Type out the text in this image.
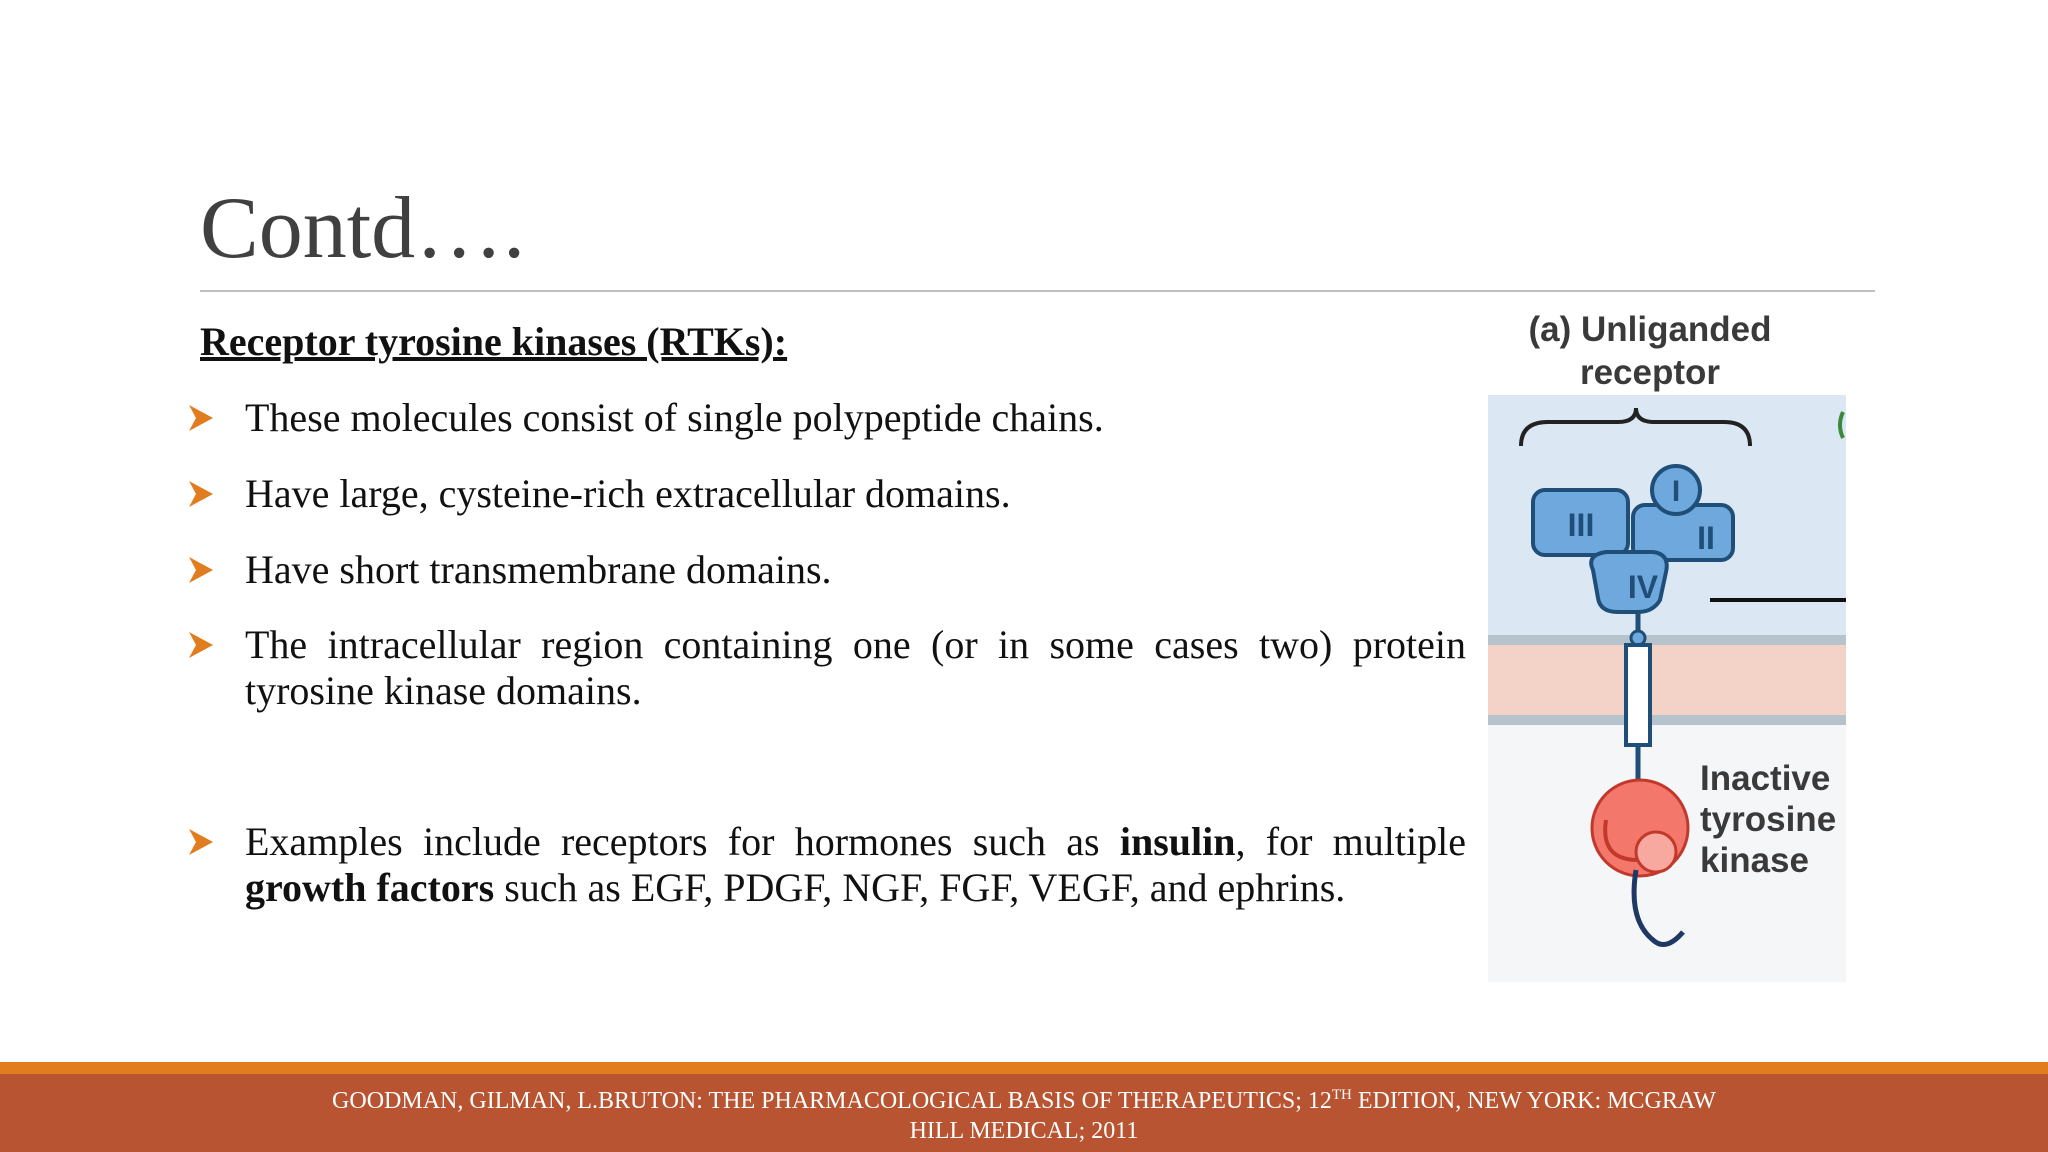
Contd….
Receptor tyrosine kinases (RTKs):
These molecules consist of single polypeptide chains.
Have large, cysteine-rich extracellular domains.
Have short transmembrane domains.
The intracellular region containing one (or in some cases two) protein tyrosine kinase domains.
Examples include receptors for hormones such as insulin, for multiple growth factors such as EGF, PDGF, NGF, FGF, VEGF, and ephrins.
III	II
I
IV
(a) Unliganded
receptor
Inactive
tyrosine
kinase
GOODMAN, GILMAN, L.BRUTON: THE PHARMACOLOGICAL BASIS OF THERAPEUTICS; 12TH EDITION, NEW YORK: MCGRAW
HILL MEDICAL; 2011
